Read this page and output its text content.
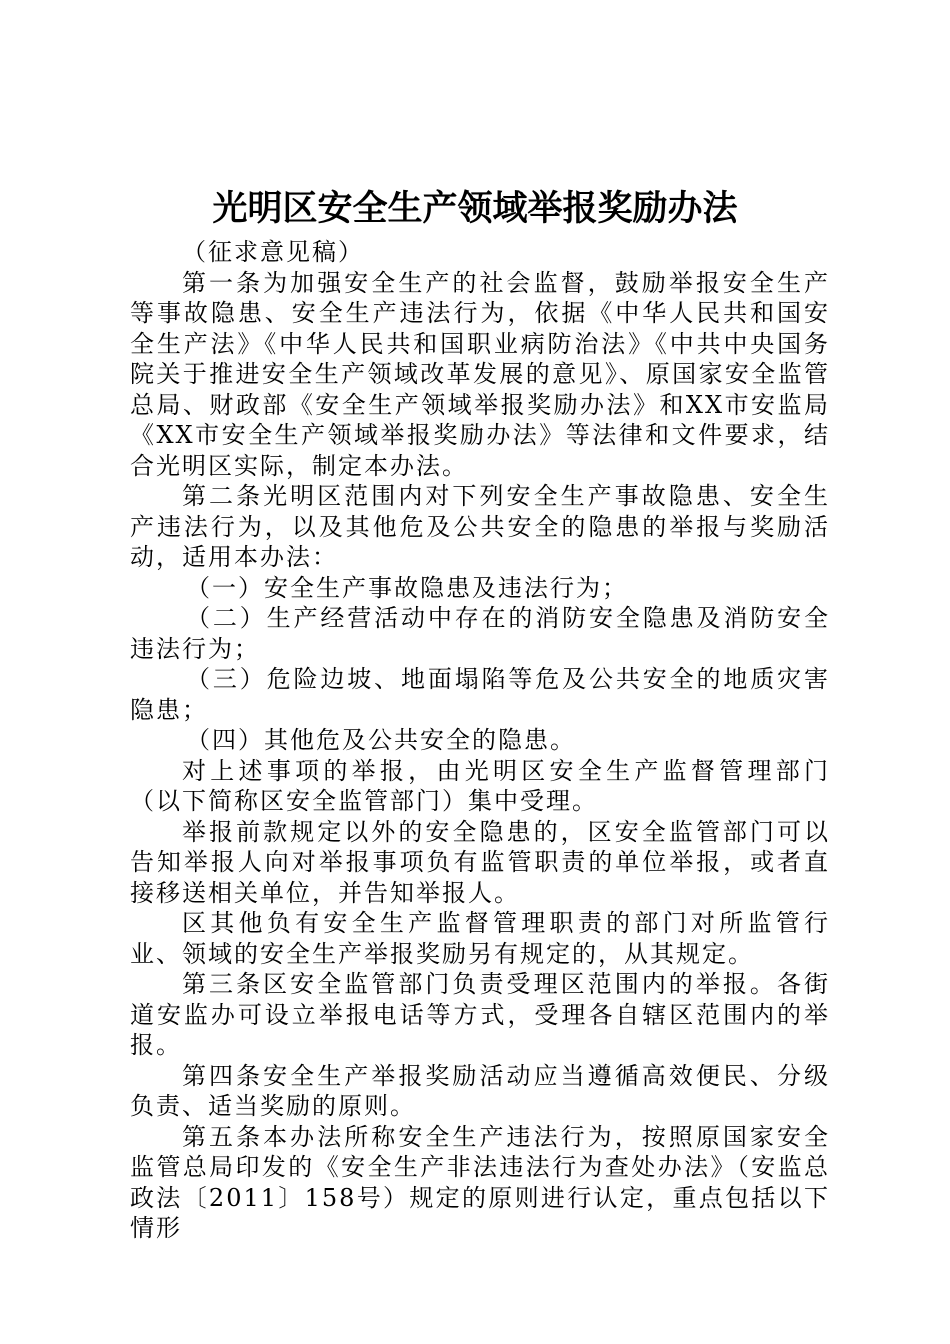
光明区安全生产领域举报奖励办法

（征求意见稿）

第一条为加强安全生产的社会监督，鼓励举报安全生产等事故隐患、安全生产违法行为，依据《中华人民共和国安全生产法》《中华人民共和国职业病防治法》《中共中央国务院关于推进安全生产领域改革发展的意见》、原国家安全监管总局、财政部《安全生产领域举报奖励办法》和XX市安监局《XX市安全生产领域举报奖励办法》等法律和文件要求，结合光明区实际，制定本办法。

第二条光明区范围内对下列安全生产事故隐患、安全生产违法行为，以及其他危及公共安全的隐患的举报与奖励活动，适用本办法：

（一）安全生产事故隐患及违法行为；

（二）生产经营活动中存在的消防安全隐患及消防安全违法行为；

（三）危险边坡、地面塌陷等危及公共安全的地质灾害隐患；

（四）其他危及公共安全的隐患。

对上述事项的举报，由光明区安全生产监督管理部门（以下简称区安全监管部门）集中受理。

举报前款规定以外的安全隐患的，区安全监管部门可以告知举报人向对举报事项负有监管职责的单位举报，或者直接移送相关单位，并告知举报人。

区其他负有安全生产监督管理职责的部门对所监管行业、领域的安全生产举报奖励另有规定的，从其规定。

第三条区安全监管部门负责受理区范围内的举报。各街道安监办可设立举报电话等方式，受理各自辖区范围内的举报。

第四条安全生产举报奖励活动应当遵循高效便民、分级负责、适当奖励的原则。

第五条本办法所称安全生产违法行为，按照原国家安全监管总局印发的《安全生产非法违法行为查处办法》（安监总政法〔2011〕158号）规定的原则进行认定，重点包括以下情形
